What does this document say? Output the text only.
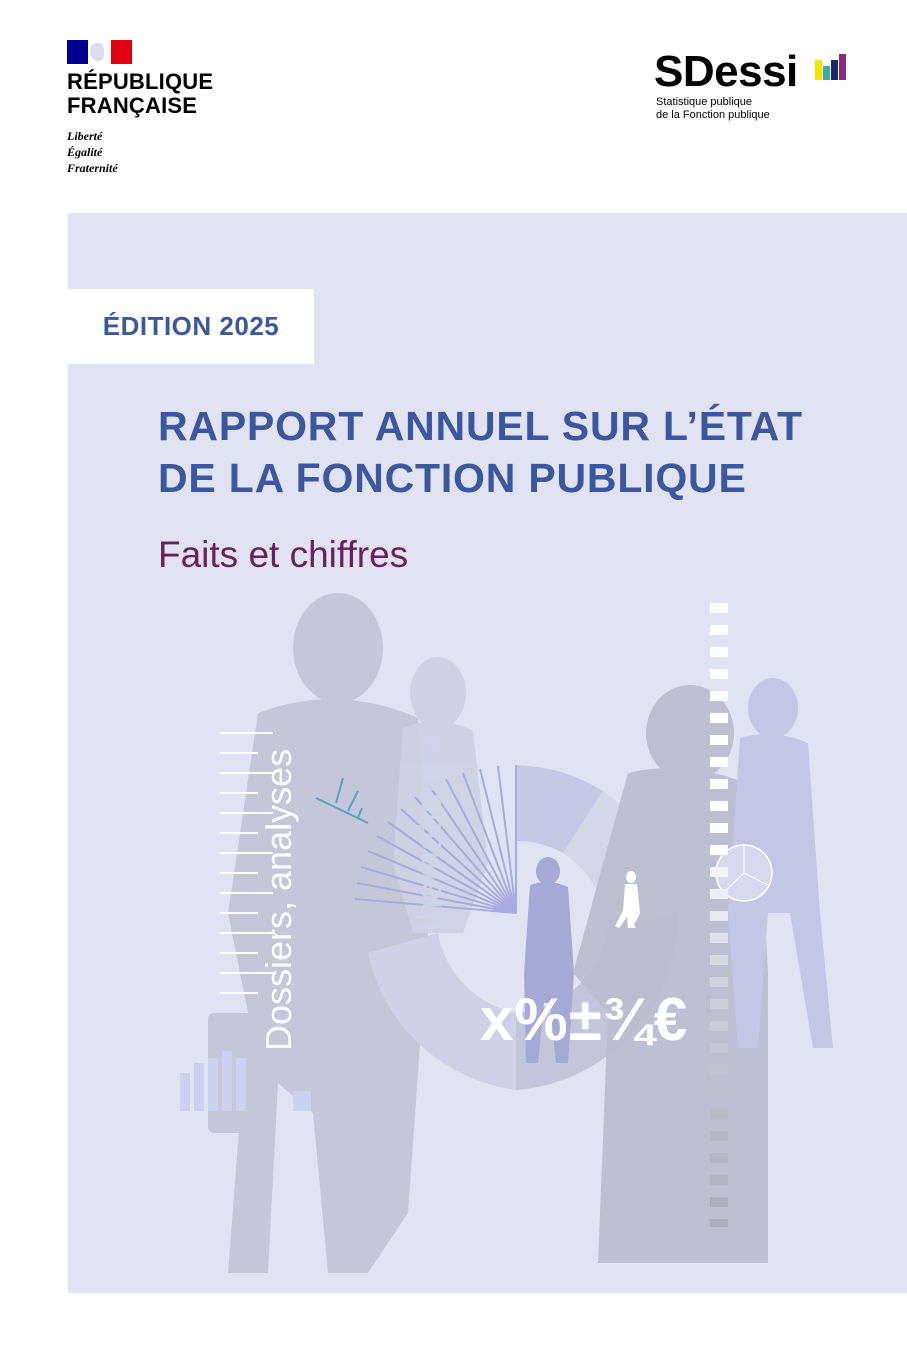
RÉPUBLIQUE
FRANÇAISE
Liberté
Égalité
Fraternité
SDessi
Statistique publique
de la Fonction publique
Dossiers, analyses	thématiques
ÉDITION 2025
RAPPORT ANNUEL SUR L’ÉTAT
DE LA FONCTION PUBLIQUE
Faits et chiffres
x%±¾€
